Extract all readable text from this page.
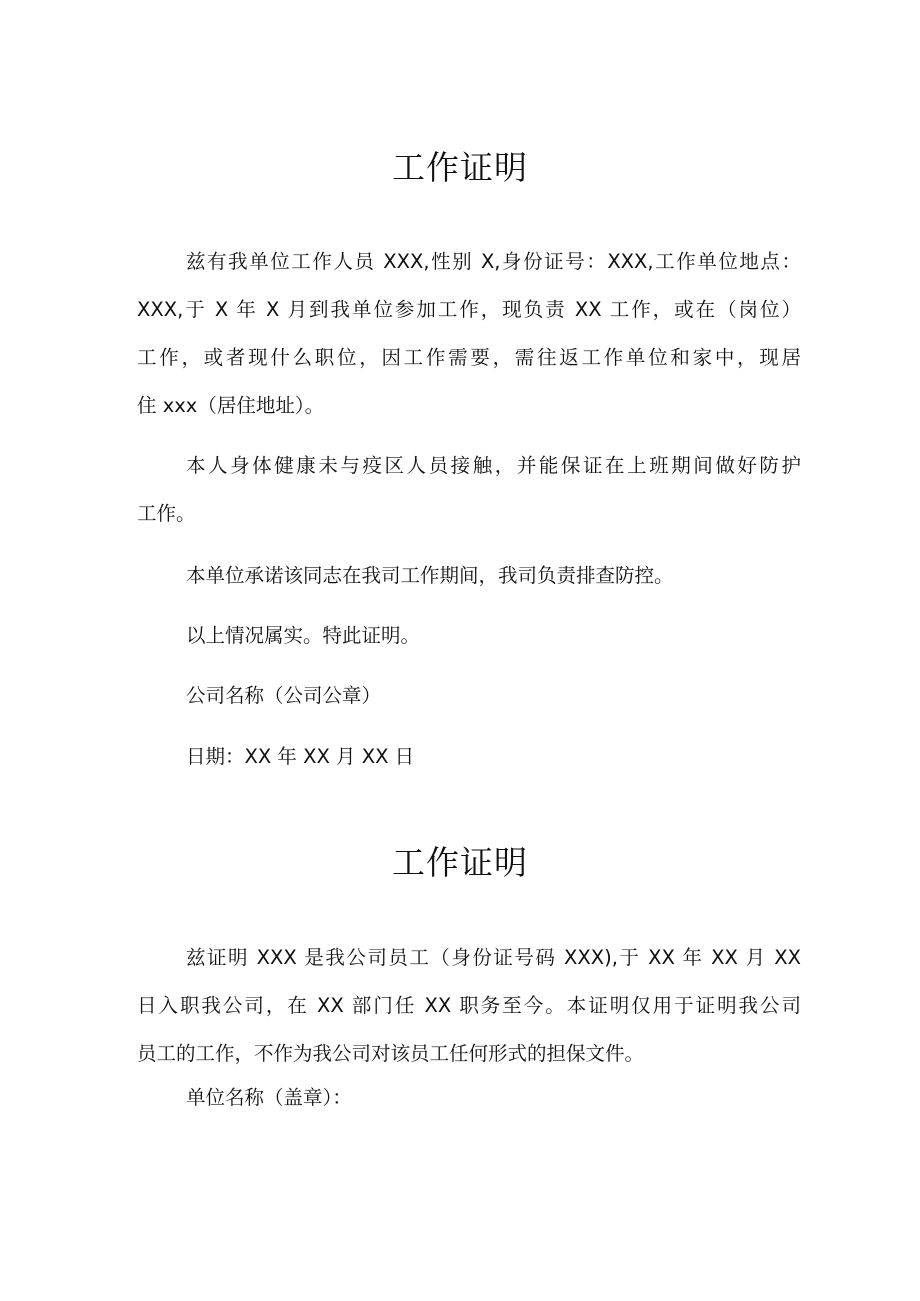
工作证明
兹有我单位工作人员 XXX,性别 X,身份证号：XXX,工作单位地点：
XXX,于 X 年 X 月到我单位参加工作，现负责 XX 工作，或在（岗位）
工作，或者现什么职位，因工作需要，需往返工作单位和家中，现居
住 xxx（居住地址）。
本人身体健康未与疫区人员接触，并能保证在上班期间做好防护
工作。
本单位承诺该同志在我司工作期间，我司负责排查防控。
以上情况属实。特此证明。
公司名称（公司公章）
日期：XX 年 XX 月 XX 日
工作证明
兹证明 XXX 是我公司员工（身份证号码 XXX),于 XX 年 XX 月 XX
日入职我公司，在 XX 部门任 XX 职务至今。本证明仅用于证明我公司
员工的工作，不作为我公司对该员工任何形式的担保文件。
单位名称（盖章）：
